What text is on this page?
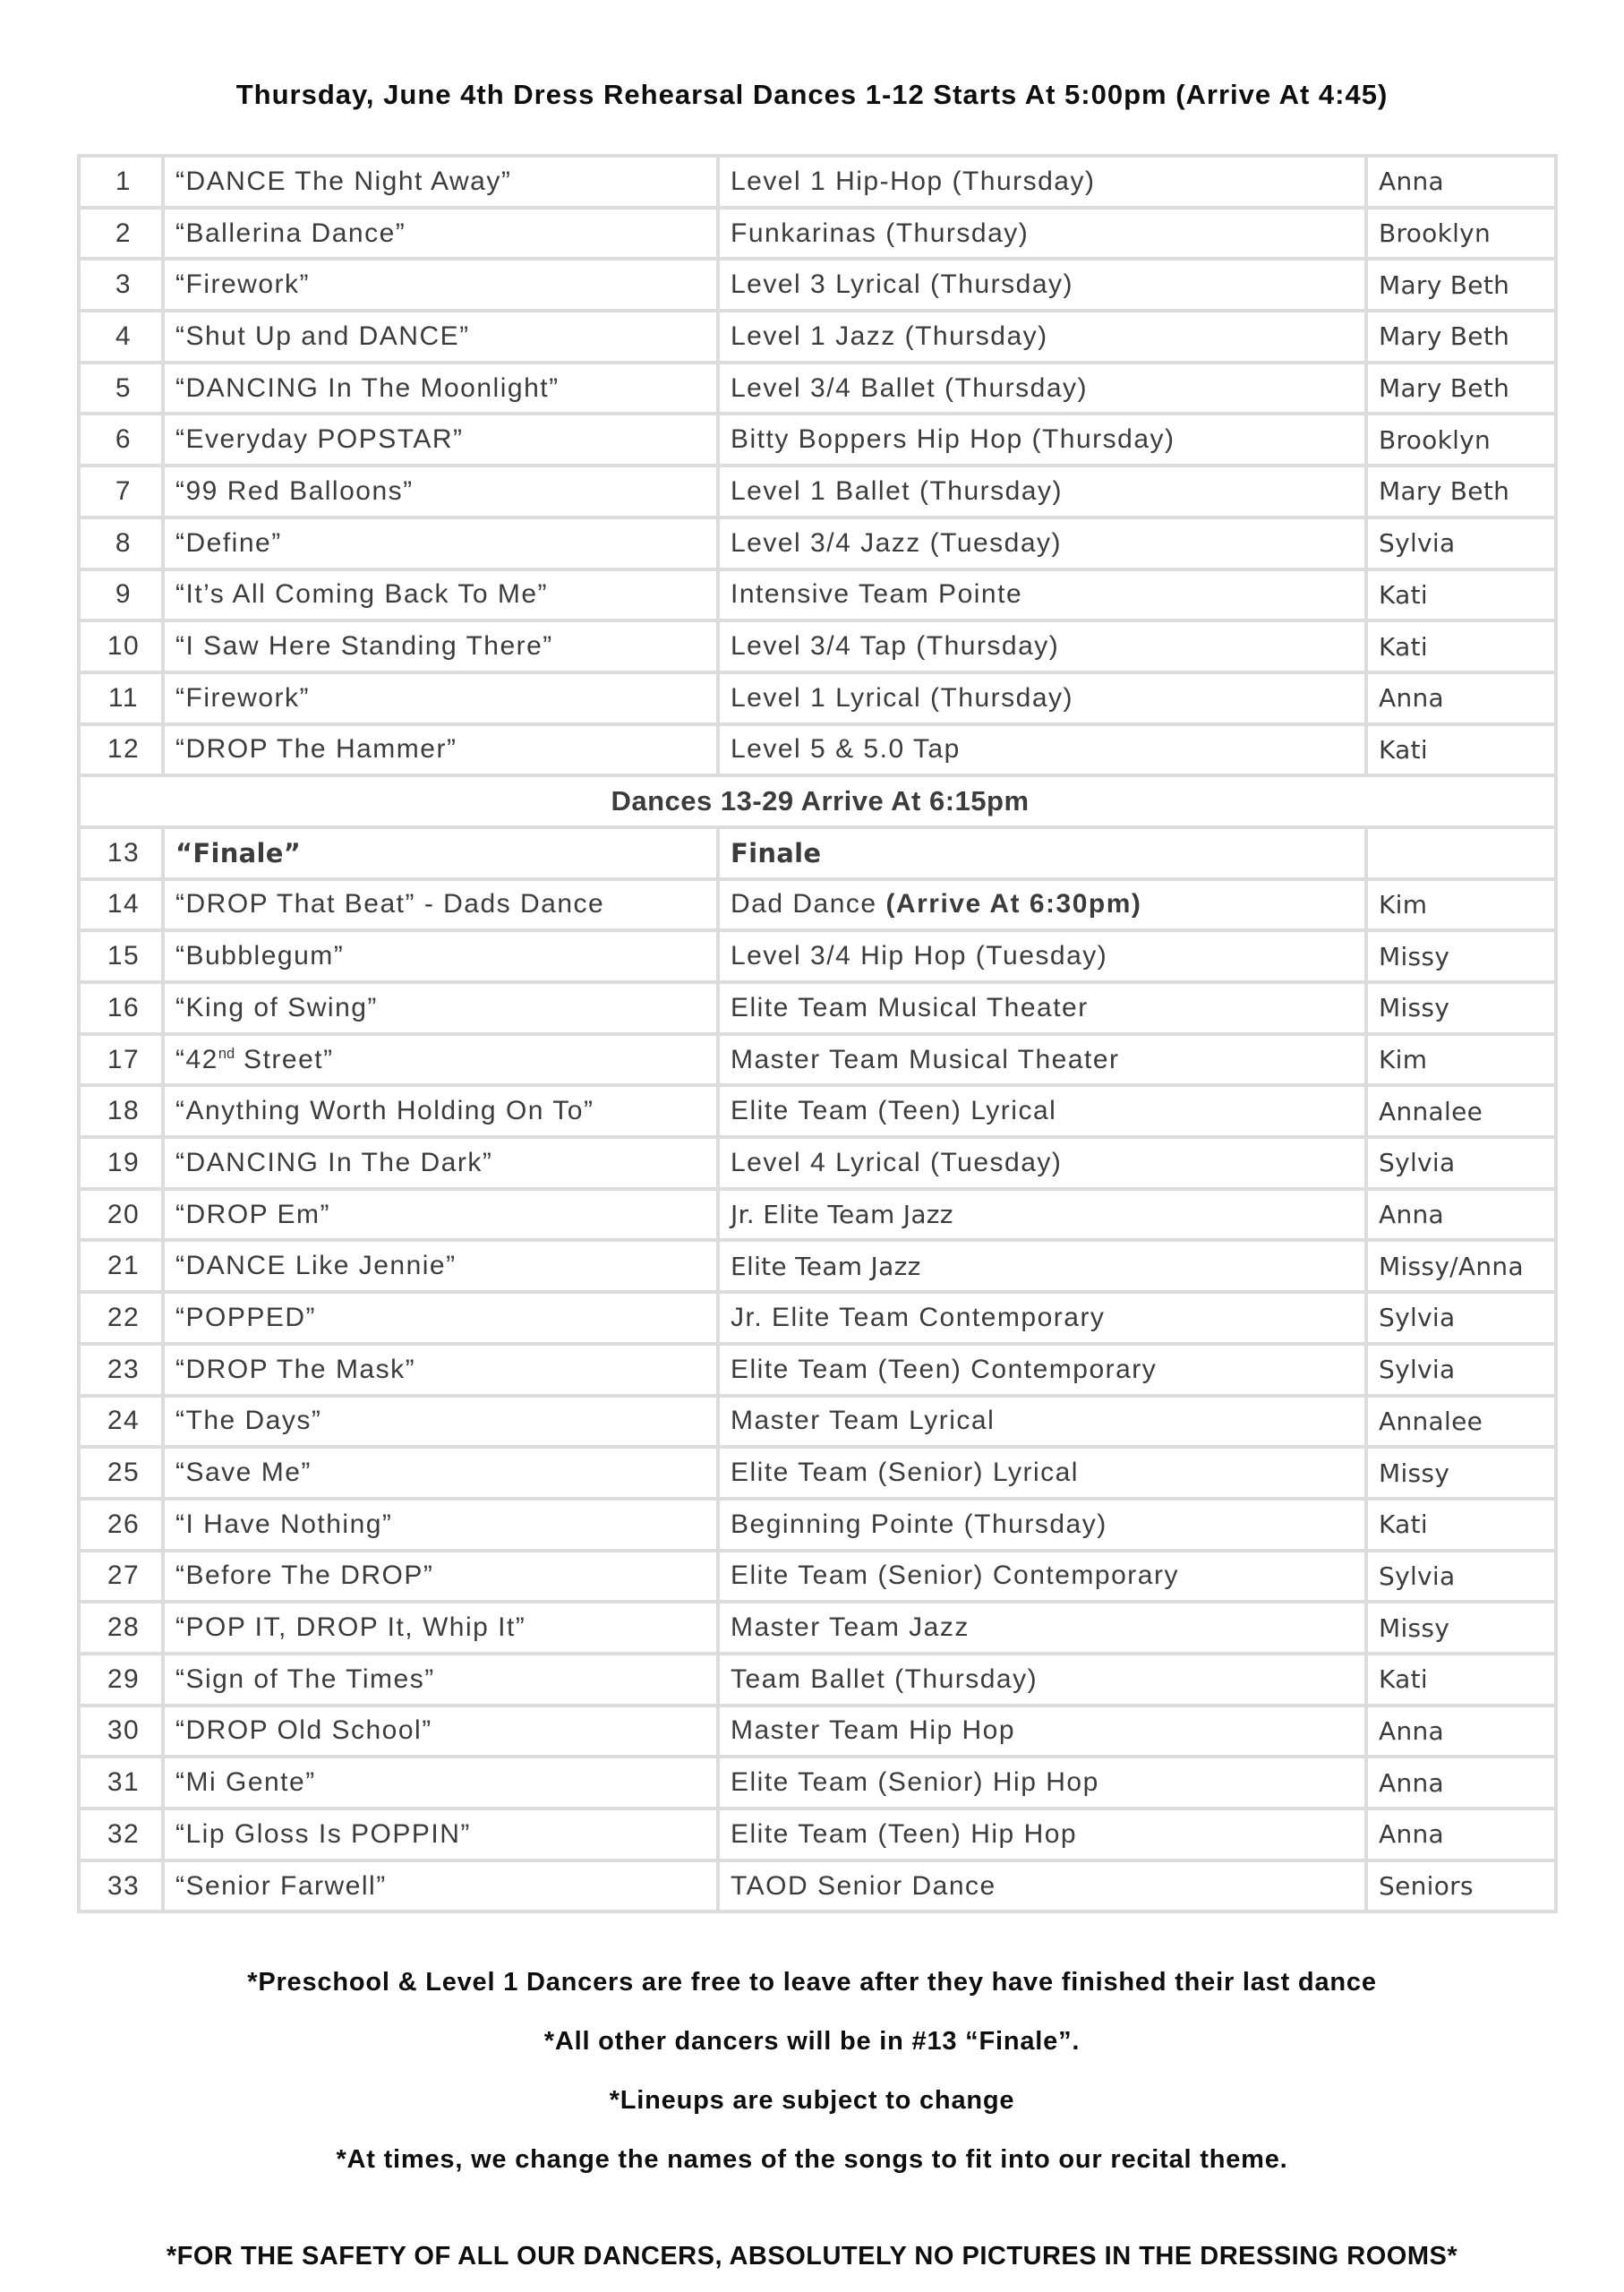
Thursday, June 4th Dress Rehearsal Dances 1-12 Starts At 5:00pm (Arrive At 4:45)
1	“DANCE The Night Away”	Level 1 Hip-Hop (Thursday)	Anna
2	“Ballerina Dance”	Funkarinas (Thursday)	Brooklyn
3	“Firework”	Level 3 Lyrical (Thursday)	Mary Beth
4	“Shut Up and DANCE”	Level 1 Jazz (Thursday)	Mary Beth
5	“DANCING In The Moonlight”	Level 3/4 Ballet (Thursday)	Mary Beth
6	“Everyday POPSTAR”	Bitty Boppers Hip Hop (Thursday)	Brooklyn
7	“99 Red Balloons”	Level 1 Ballet (Thursday)	Mary Beth
8	“Define”	Level 3/4 Jazz (Tuesday)	Sylvia
9	“It’s All Coming Back To Me”	Intensive Team Pointe	Kati
10	“I Saw Here Standing There”	Level 3/4 Tap (Thursday)	Kati
11	“Firework”	Level 1 Lyrical (Thursday)	Anna
12	“DROP The Hammer”	Level 5 & 5.0 Tap	Kati
Dances 13-29 Arrive At 6:15pm			
13	“Finale”	Finale	
14	“DROP That Beat” - Dads Dance	Dad Dance (Arrive At 6:30pm)	Kim
15	“Bubblegum”	Level 3/4 Hip Hop (Tuesday)	Missy
16	“King of Swing”	Elite Team Musical Theater	Missy
17	“42nd Street”	Master Team Musical Theater	Kim
18	“Anything Worth Holding On To”	Elite Team (Teen) Lyrical	Annalee
19	“DANCING In The Dark”	Level 4 Lyrical (Tuesday)	Sylvia
20	“DROP Em”	Jr. Elite Team Jazz	Anna
21	“DANCE Like Jennie”	Elite Team Jazz	Missy/Anna
22	“POPPED”	Jr. Elite Team Contemporary	Sylvia
23	“DROP The Mask”	Elite Team (Teen) Contemporary	Sylvia
24	“The Days”	Master Team Lyrical	Annalee
25	“Save Me”	Elite Team (Senior) Lyrical	Missy
26	“I Have Nothing”	Beginning Pointe (Thursday)	Kati
27	“Before The DROP”	Elite Team (Senior) Contemporary	Sylvia
28	“POP IT, DROP It, Whip It”	Master Team Jazz	Missy
29	“Sign of The Times”	Team Ballet (Thursday)	Kati
30	“DROP Old School”	Master Team Hip Hop	Anna
31	“Mi Gente”	Elite Team (Senior) Hip Hop	Anna
32	“Lip Gloss Is POPPIN”	Elite Team (Teen) Hip Hop	Anna
33	“Senior Farwell”	TAOD Senior Dance	Seniors

*Preschool & Level 1 Dancers are free to leave after they have finished their last dance

*All other dancers will be in #13 “Finale”.

*Lineups are subject to change

*At times, we change the names of the songs to fit into our recital theme.

*FOR THE SAFETY OF ALL OUR DANCERS, ABSOLUTELY NO PICTURES IN THE DRESSING ROOMS*
